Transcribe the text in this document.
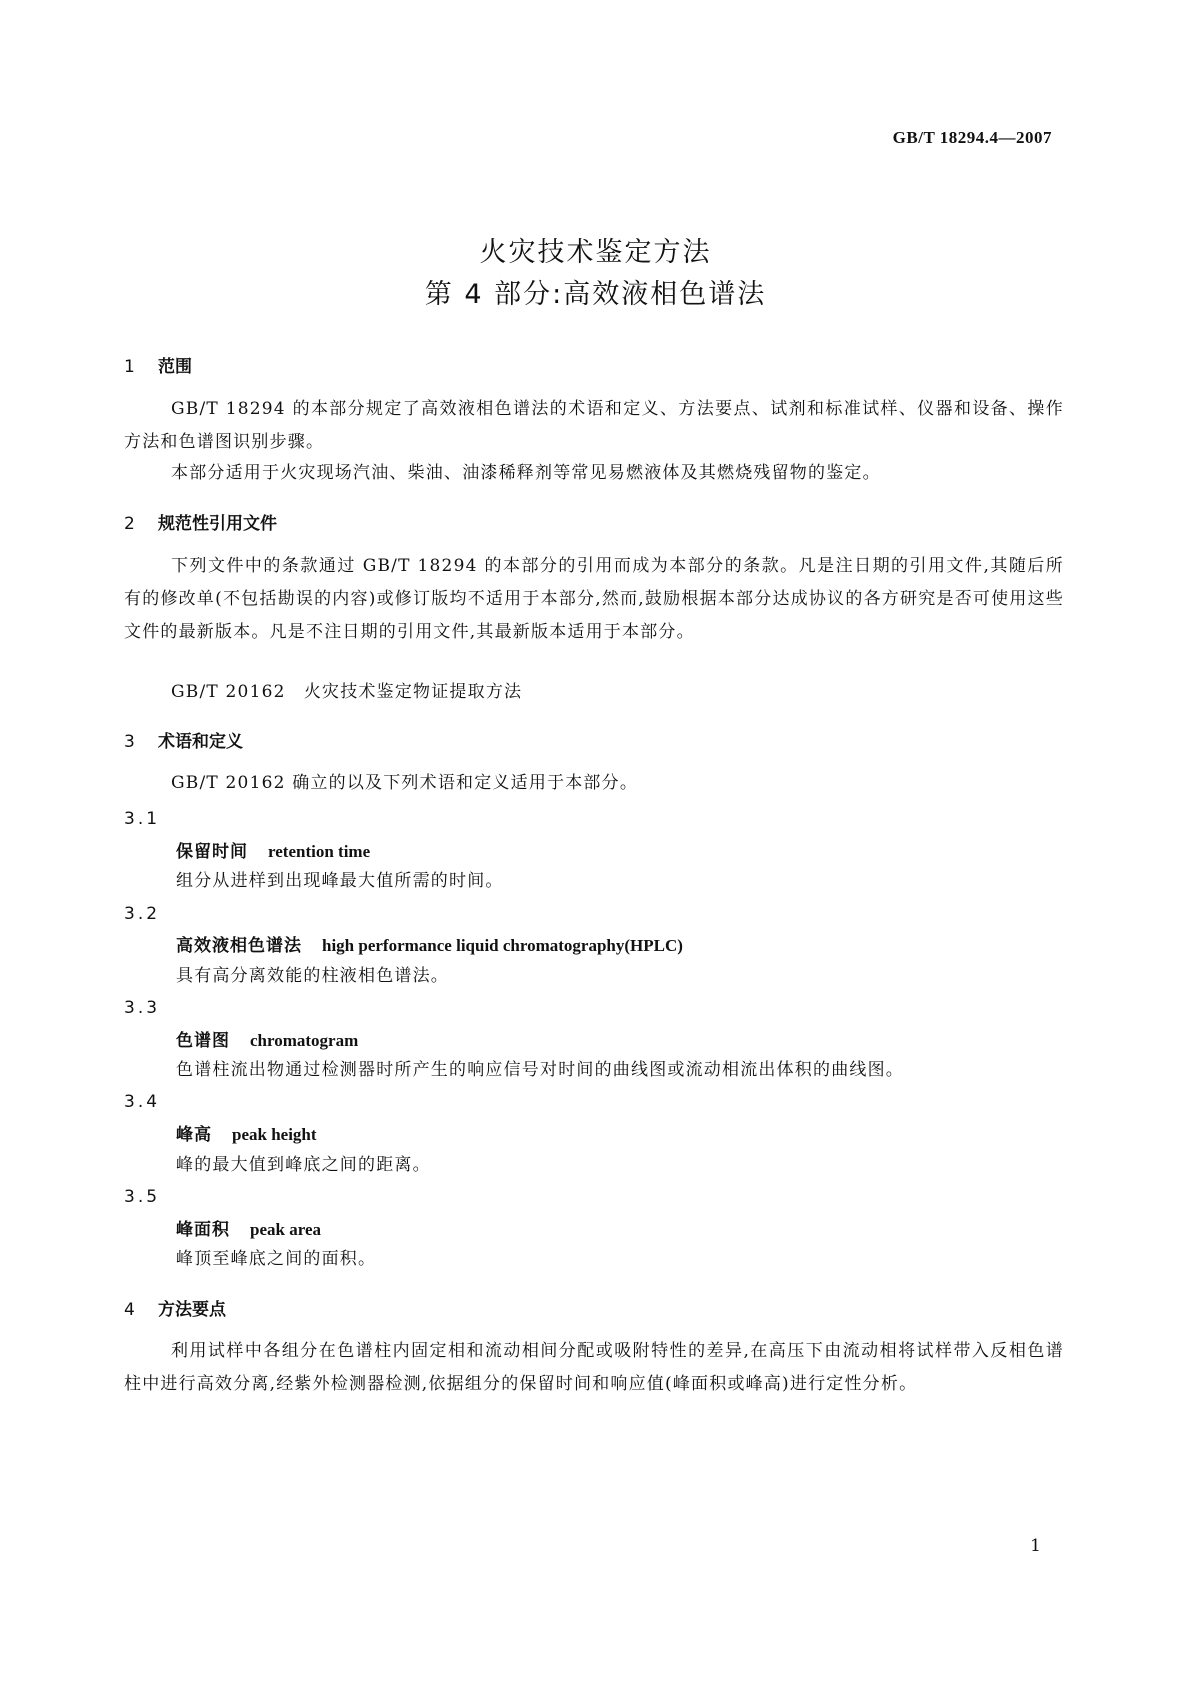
GB/T 18294.4—2007
火灾技术鉴定方法
第 4 部分:高效液相色谱法
1 范围
GB/T 18294 的本部分规定了高效液相色谱法的术语和定义、方法要点、试剂和标准试样、仪器和设备、操作方法和色谱图识别步骤。
本部分适用于火灾现场汽油、柴油、油漆稀释剂等常见易燃液体及其燃烧残留物的鉴定。
2 规范性引用文件
下列文件中的条款通过 GB/T 18294 的本部分的引用而成为本部分的条款。凡是注日期的引用文件,其随后所有的修改单(不包括勘误的内容)或修订版均不适用于本部分,然而,鼓励根据本部分达成协议的各方研究是否可使用这些文件的最新版本。凡是不注日期的引用文件,其最新版本适用于本部分。
GB/T 20162　火灾技术鉴定物证提取方法
3 术语和定义
GB/T 20162 确立的以及下列术语和定义适用于本部分。
3.1
保留时间 retention time
组分从进样到出现峰最大值所需的时间。
3.2
高效液相色谱法 high performance liquid chromatography(HPLC)
具有高分离效能的柱液相色谱法。
3.3
色谱图 chromatogram
色谱柱流出物通过检测器时所产生的响应信号对时间的曲线图或流动相流出体积的曲线图。
3.4
峰高 peak height
峰的最大值到峰底之间的距离。
3.5
峰面积 peak area
峰顶至峰底之间的面积。
4 方法要点
利用试样中各组分在色谱柱内固定相和流动相间分配或吸附特性的差异,在高压下由流动相将试样带入反相色谱柱中进行高效分离,经紫外检测器检测,依据组分的保留时间和响应值(峰面积或峰高)进行定性分析。
1
